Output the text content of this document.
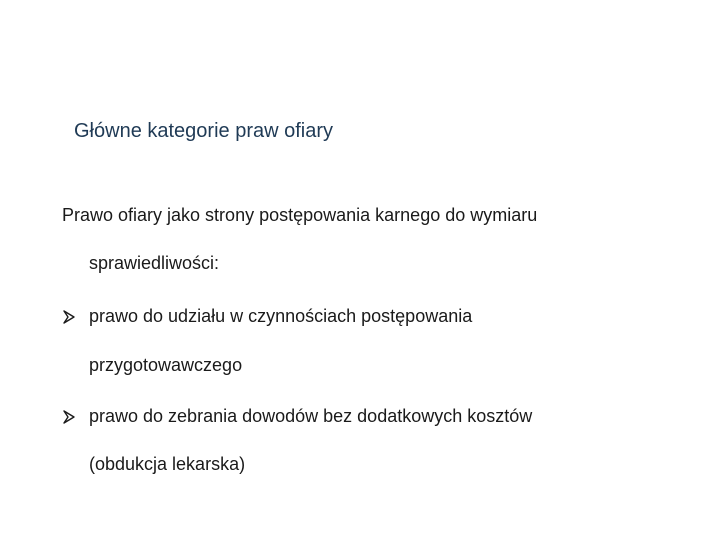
Główne kategorie praw ofiary
Prawo ofiary jako strony postępowania karnego do wymiaru
sprawiedliwości:
prawo do udziału w czynnościach postępowania
przygotowawczego
prawo do zebrania dowodów bez dodatkowych kosztów
(obdukcja lekarska)
